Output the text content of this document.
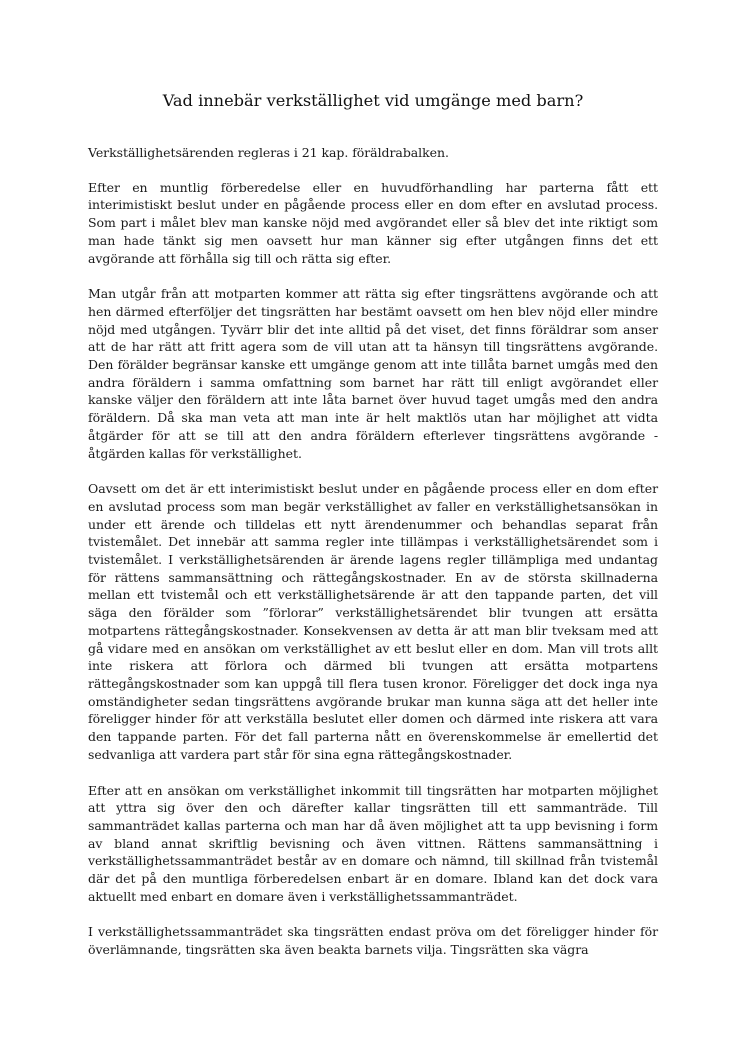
Vad innebär verkställighet vid umgänge med barn?

Verkställighetsärenden regleras i 21 kap. föräldrabalken.

Efter en muntlig förberedelse eller en huvudförhandling har parterna fått ett interimistiskt beslut under en pågående process eller en dom efter en avslutad process. Som part i målet blev man kanske nöjd med avgörandet eller så blev det inte riktigt som man hade tänkt sig men oavsett hur man känner sig efter utgången finns det ett avgörande att förhålla sig till och rätta sig efter.

Man utgår från att motparten kommer att rätta sig efter tingsrättens avgörande och att hen därmed efterföljer det tingsrätten har bestämt oavsett om hen blev nöjd eller mindre nöjd med utgången. Tyvärr blir det inte alltid på det viset, det finns föräldrar som anser att de har rätt att fritt agera som de vill utan att ta hänsyn till tingsrättens avgörande. Den förälder begränsar kanske ett umgänge genom att inte tillåta barnet umgås med den andra föräldern i samma omfattning som barnet har rätt till enligt avgörandet eller kanske väljer den föräldern att inte låta barnet över huvud taget umgås med den andra föräldern. Då ska man veta att man inte är helt maktlös utan har möjlighet att vidta åtgärder för att se till att den andra föräldern efterlever tingsrättens avgörande - åtgärden kallas för verkställighet.

Oavsett om det är ett interimistiskt beslut under en pågående process eller en dom efter en avslutad process som man begär verkställighet av faller en verkställighetsansökan in under ett ärende och tilldelas ett nytt ärendenummer och behandlas separat från tvistemålet. Det innebär att samma regler inte tillämpas i verkställighetsärendet som i tvistemålet. I verkställighetsärenden är ärende lagens regler tillämpliga med undantag för rättens sammansättning och rättegångskostnader. En av de största skillnaderna mellan ett tvistemål och ett verkställighetsärende är att den tappande parten, det vill säga den förälder som ”förlorar” verkställighetsärendet blir tvungen att ersätta motpartens rättegångskostnader. Konsekvensen av detta är att man blir tveksam med att gå vidare med en ansökan om verkställighet av ett beslut eller en dom. Man vill trots allt inte riskera att förlora och därmed bli tvungen att ersätta motpartens rättegångskostnader som kan uppgå till flera tusen kronor. Föreligger det dock inga nya omständigheter sedan tingsrättens avgörande brukar man kunna säga att det heller inte föreligger hinder för att verkställa beslutet eller domen och därmed inte riskera att vara den tappande parten. För det fall parterna nått en överenskommelse är emellertid det sedvanliga att vardera part står för sina egna rättegångskostnader.

Efter att en ansökan om verkställighet inkommit till tingsrätten har motparten möjlighet att yttra sig över den och därefter kallar tingsrätten till ett sammanträde. Till sammanträdet kallas parterna och man har då även möjlighet att ta upp bevisning i form av bland annat skriftlig bevisning och även vittnen. Rättens sammansättning i verkställighetssammanträdet består av en domare och nämnd, till skillnad från tvistemål där det på den muntliga förberedelsen enbart är en domare. Ibland kan det dock vara aktuellt med enbart en domare även i verkställighetssammanträdet.

I verkställighetssammanträdet ska tingsrätten endast pröva om det föreligger hinder för överlämnande, tingsrätten ska även beakta barnets vilja. Tingsrätten ska vägra
